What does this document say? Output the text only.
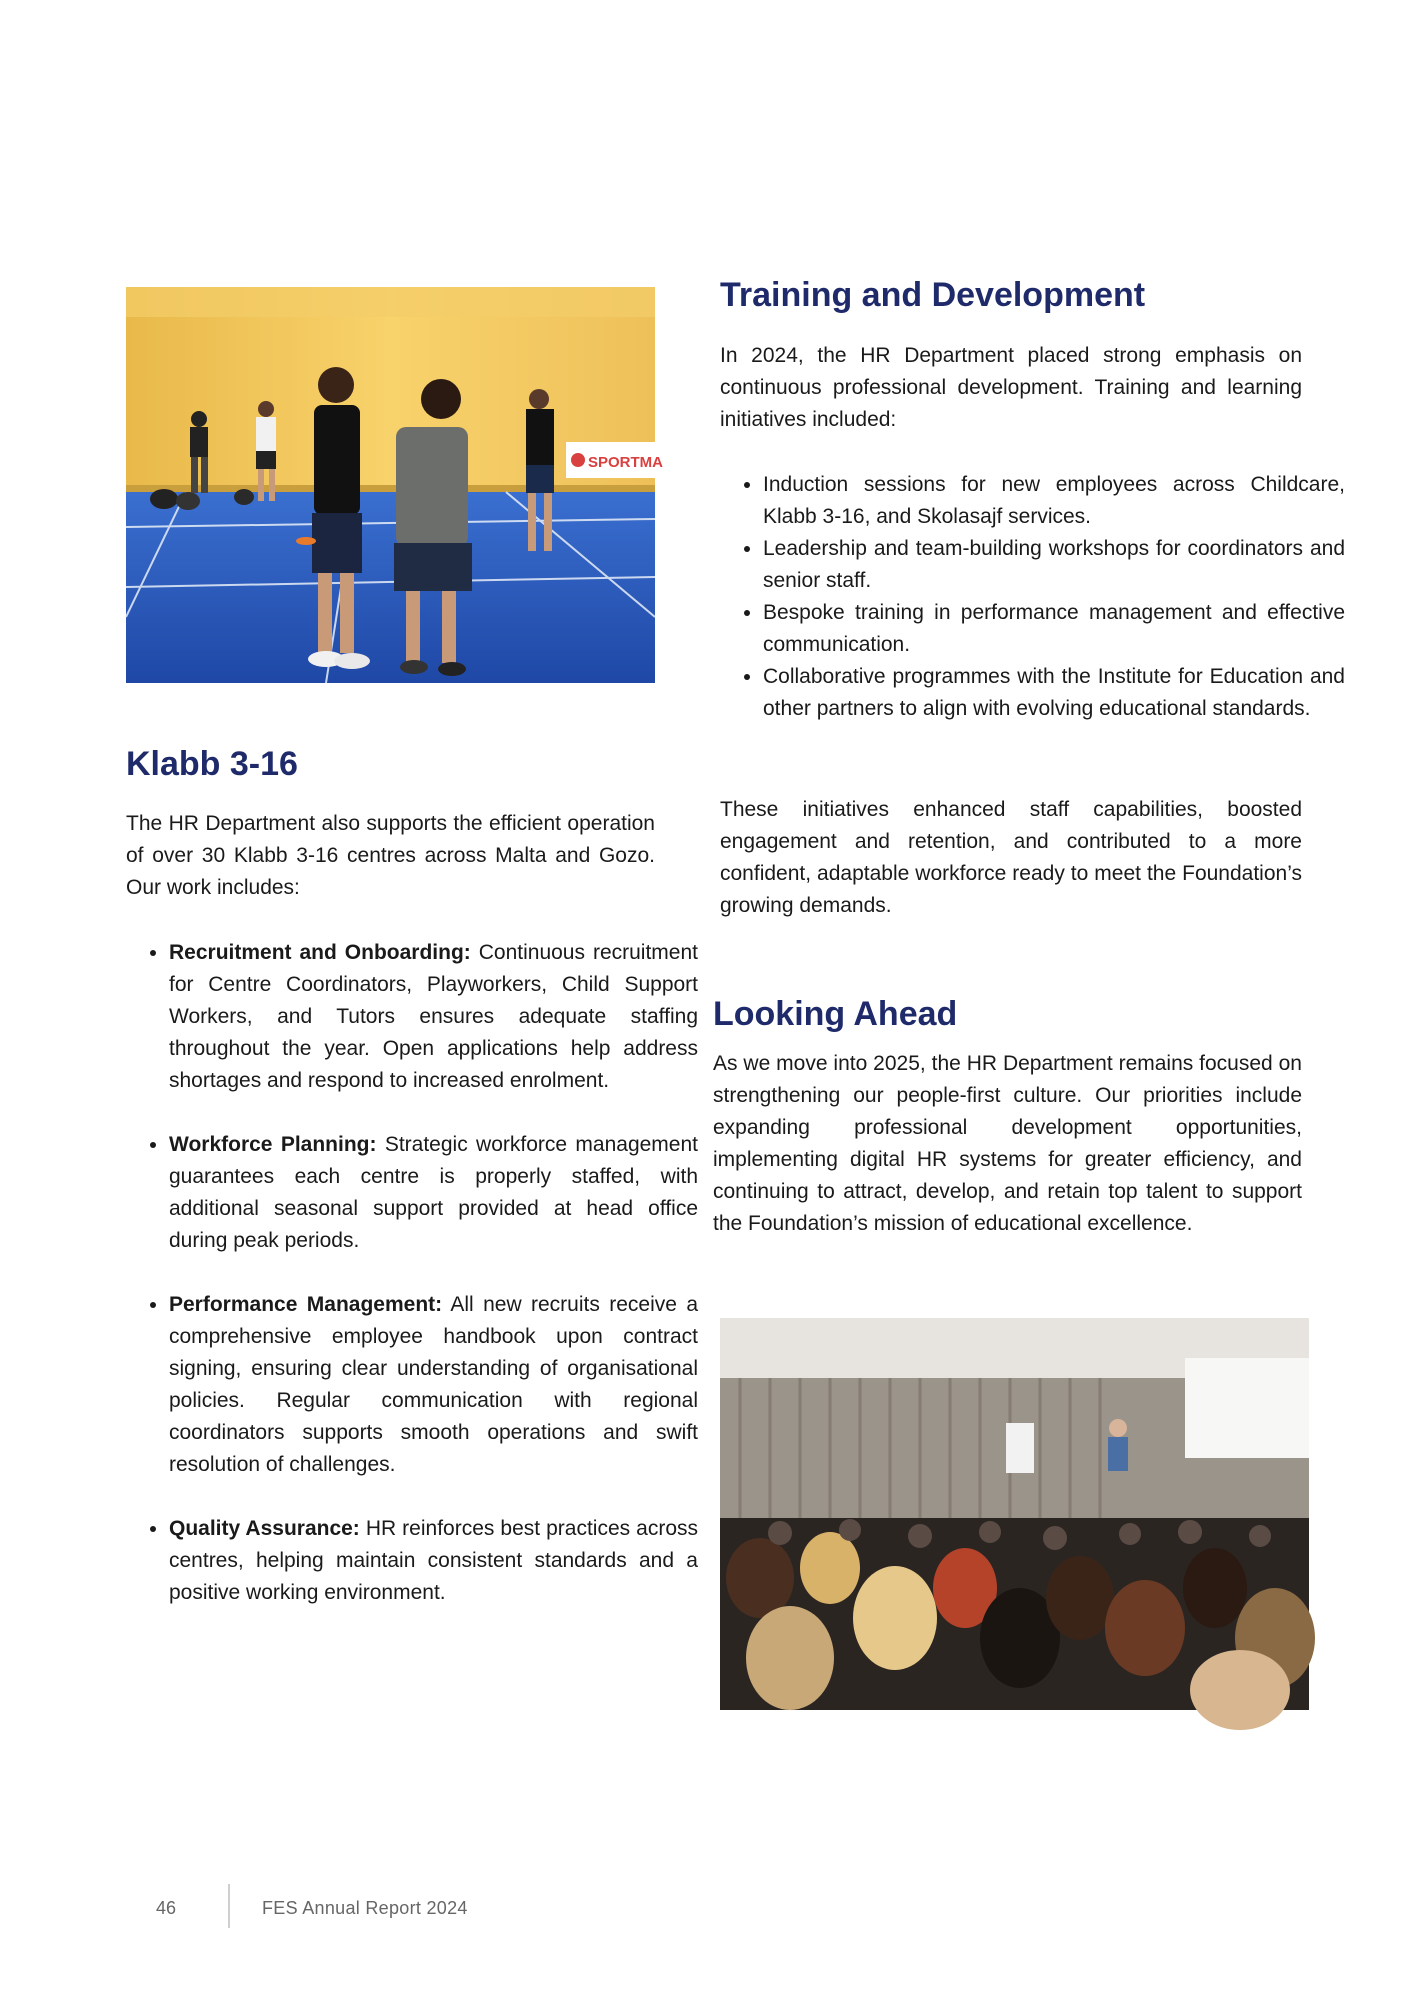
SPORTMA
Klabb 3-16

The HR Department also supports the efficient operation of over 30 Klabb 3-16 centres across Malta and Gozo. Our work includes:

• Recruitment and Onboarding: Continuous recruitment for Centre Coordinators, Playworkers, Child Support Workers, and Tutors ensures adequate staffing throughout the year. Open applications help address shortages and respond to increased enrolment.
• Workforce Planning: Strategic workforce management guarantees each centre is properly staffed, with additional seasonal support provided at head office during peak periods.
• Performance Management: All new recruits receive a comprehensive employee handbook upon contract signing, ensuring clear understanding of organisational policies. Regular communication with regional coordinators supports smooth operations and swift resolution of challenges.
• Quality Assurance: HR reinforces best practices across centres, helping maintain consistent standards and a positive working environment.
Training and Development

In 2024, the HR Department placed strong emphasis on continuous professional development. Training and learning initiatives included:

• Induction sessions for new employees across Childcare, Klabb 3-16, and Skolasajf services.
• Leadership and team-building workshops for coordinators and senior staff.
• Bespoke training in performance management and effective communication.
• Collaborative programmes with the Institute for Education and other partners to align with evolving educational standards.

These initiatives enhanced staff capabilities, boosted engagement and retention, and contributed to a more confident, adaptable workforce ready to meet the Foundation’s growing demands.

Looking Ahead

As we move into 2025, the HR Department remains focused on strengthening our people-first culture. Our priorities include expanding professional development opportunities, implementing digital HR systems for greater efficiency, and continuing to attract, develop, and retain top talent to support the Foundation’s mission of educational excellence.

46	FES Annual Report 2024
